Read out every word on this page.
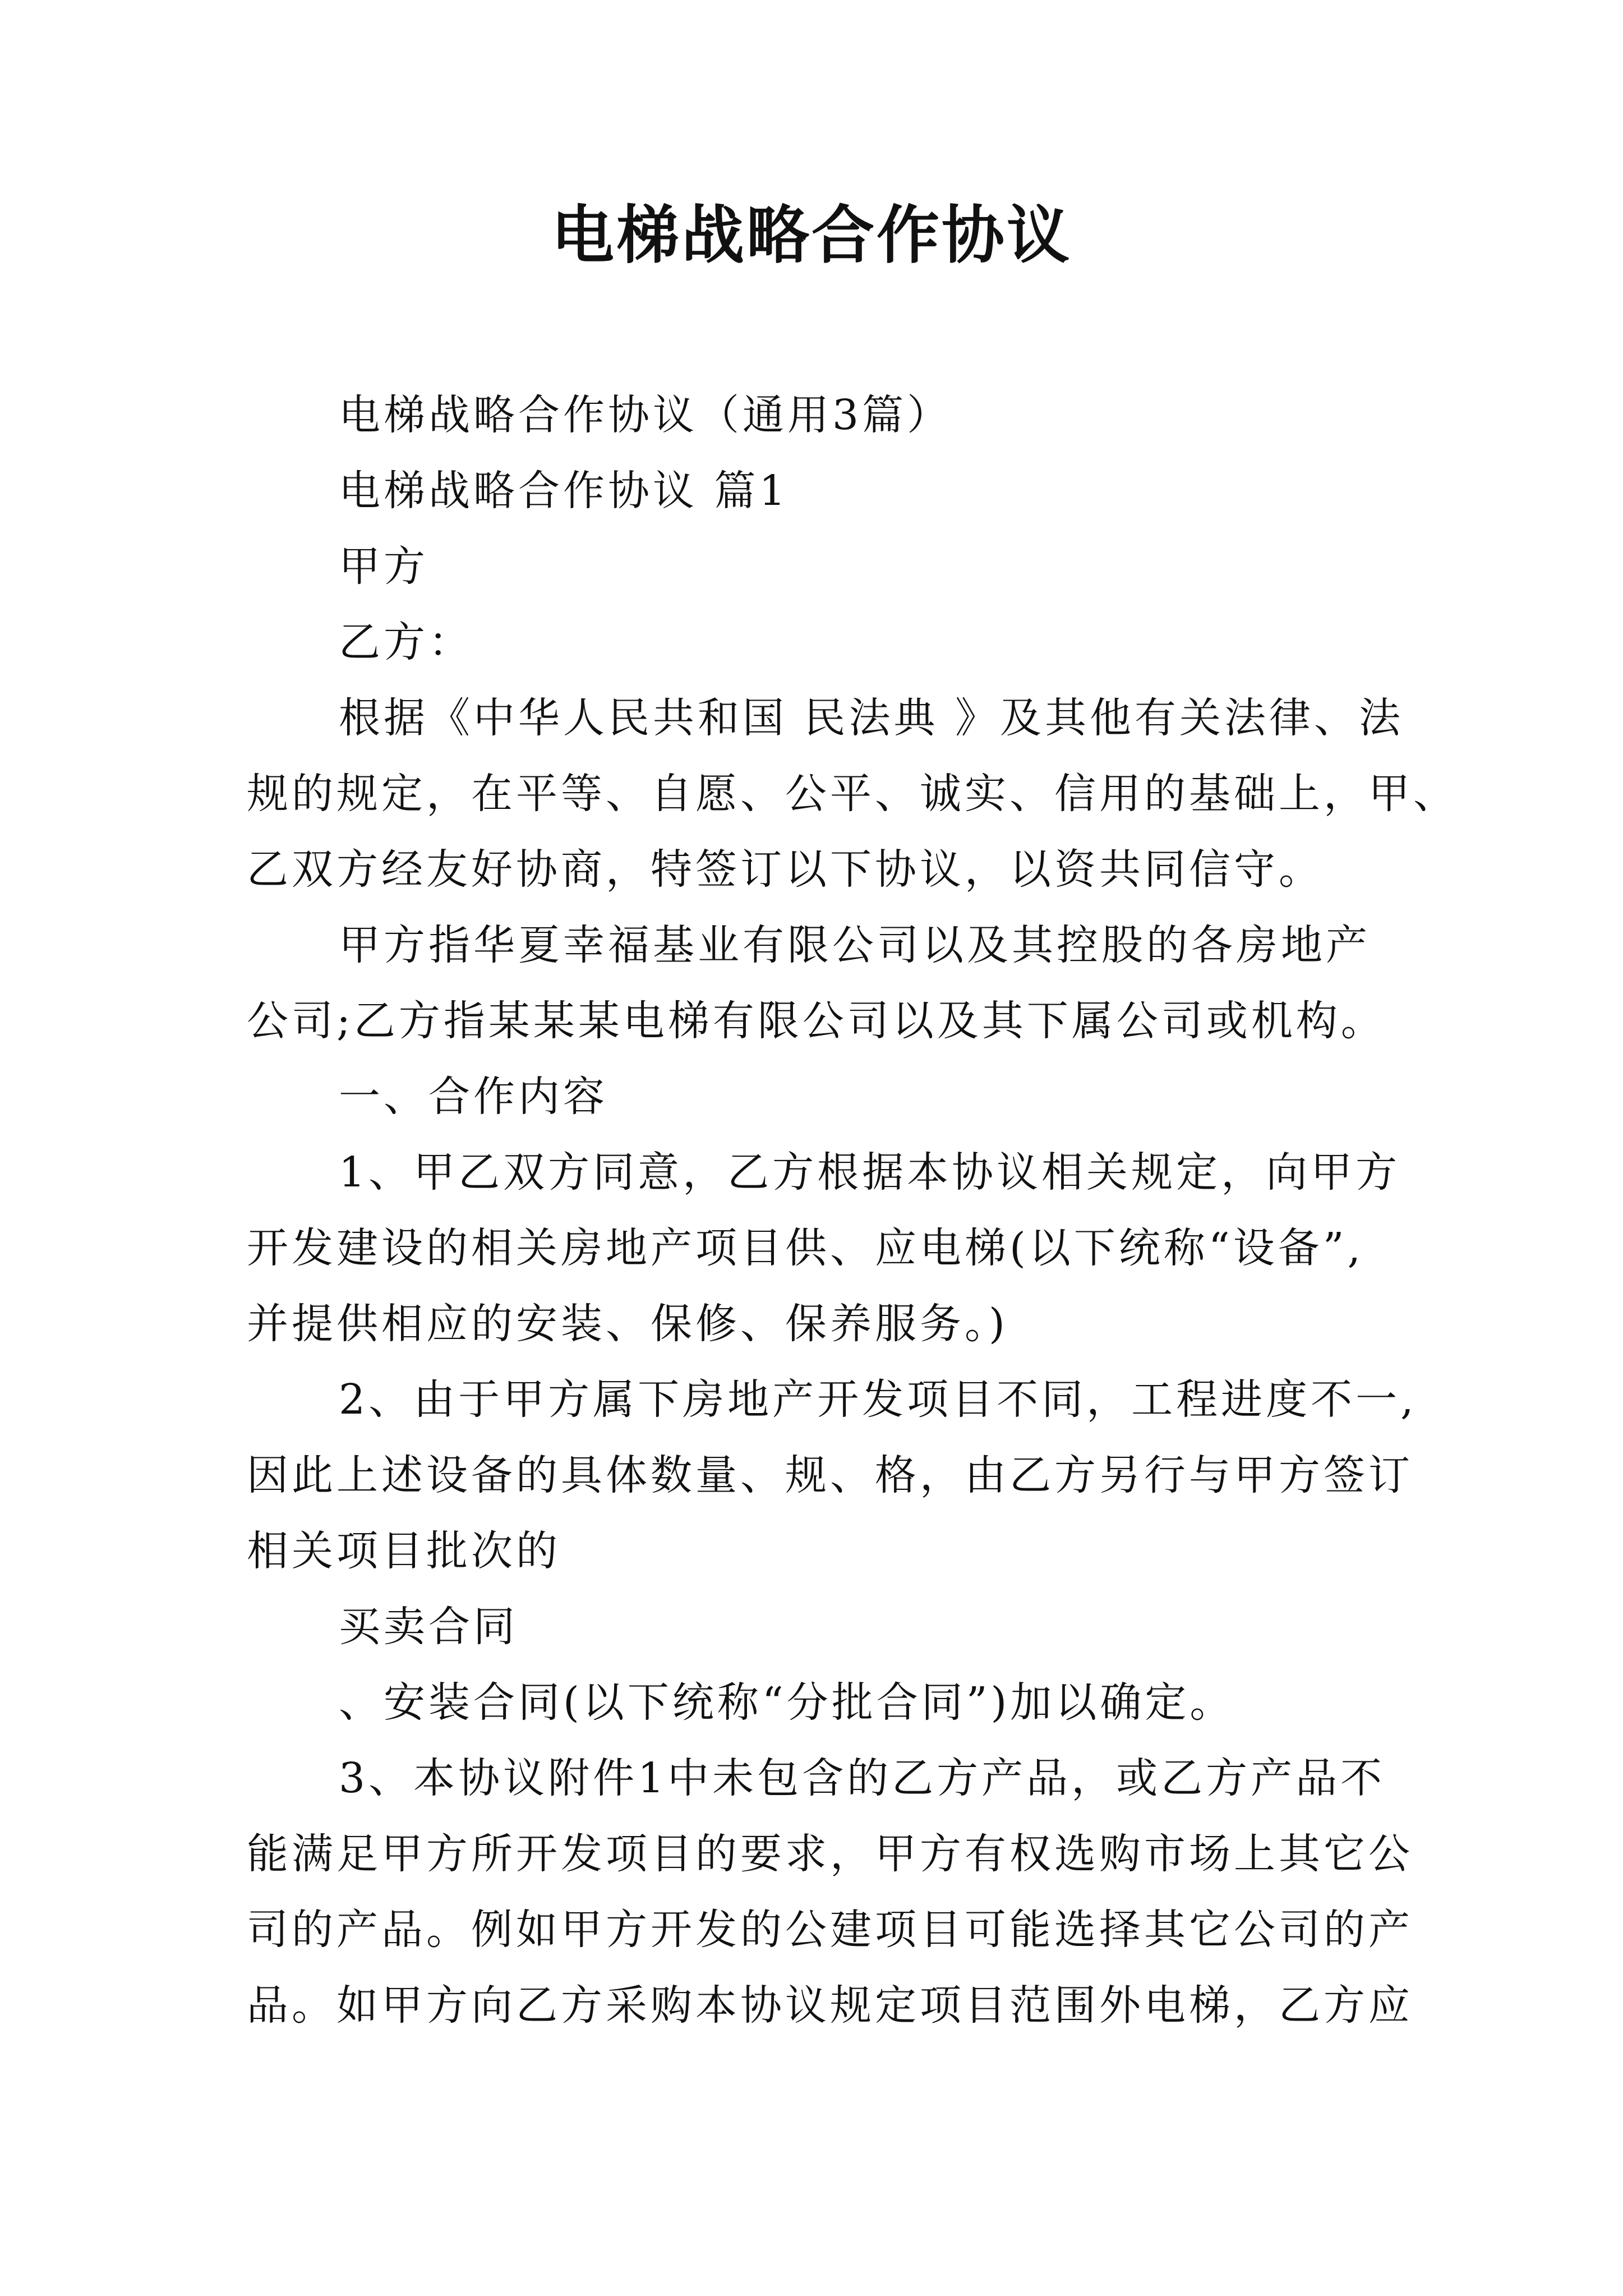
电梯战略合作协议
电梯战略合作协议（通用3篇）
电梯战略合作协议 篇1
甲方
乙方：
根据《中华人民共和国 民法典 》及其他有关法律、法
规的规定，在平等、自愿、公平、诚实、信用的基础上，甲、
乙双方经友好协商，特签订以下协议，以资共同信守。
甲方指华夏幸福基业有限公司以及其控股的各房地产
公司;乙方指某某某电梯有限公司以及其下属公司或机构。
一、合作内容
1、甲乙双方同意，乙方根据本协议相关规定，向甲方
开发建设的相关房地产项目供、应电梯(以下统称“设备”,
并提供相应的安装、保修、保养服务。)
2、由于甲方属下房地产开发项目不同，工程进度不一,
因此上述设备的具体数量、规、格，由乙方另行与甲方签订
相关项目批次的
买卖合同
、安装合同(以下统称“分批合同”)加以确定。
3、本协议附件1中未包含的乙方产品，或乙方产品不
能满足甲方所开发项目的要求，甲方有权选购市场上其它公
司的产品。例如甲方开发的公建项目可能选择其它公司的产
品。如甲方向乙方采购本协议规定项目范围外电梯，乙方应
